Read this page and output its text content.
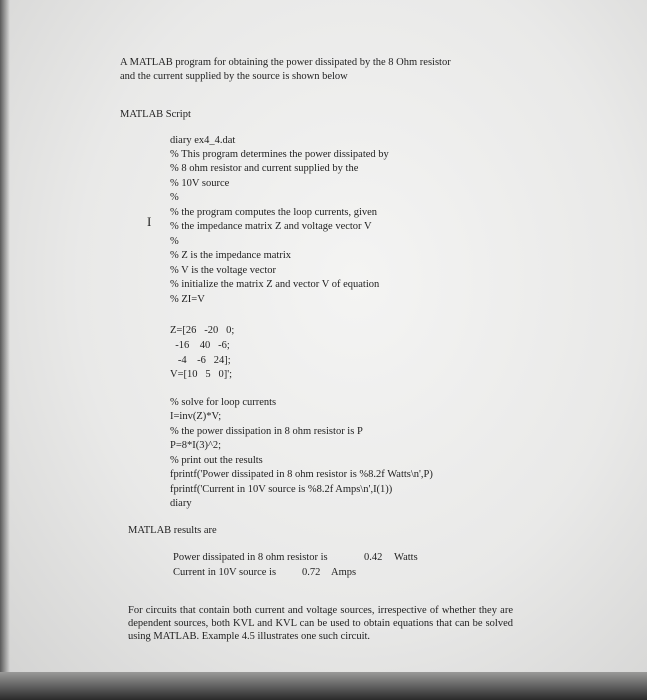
A MATLAB program for obtaining the power dissipated by the 8 Ohm resistor
and the current supplied by the source is shown below
MATLAB Script
diary ex4_4.dat
% This program determines the power dissipated by
% 8 ohm resistor and current supplied by the
% 10V source
%
% the program computes the loop currents, given
% the impedance matrix Z and voltage vector V
%
% Z is the impedance matrix
% V is the voltage vector
% initialize the matrix Z and vector V of equation
% ZI=V
I
Z=[26   -20   0;
-16    40   -6;
-4    -6   24];
V=[10   5   0]';
% solve for loop currents
I=inv(Z)*V;
% the power dissipation in 8 ohm resistor is P
P=8*I(3)^2;
% print out the results
fprintf('Power dissipated in 8 ohm resistor is %8.2f Watts\n',P)
fprintf('Current in 10V source is %8.2f Amps\n',I(1))
diary
MATLAB results are
Power dissipated in 8 ohm resistor is	0.42 Watts
Current in 10V source is 0.72 Amps
For circuits that contain both current and voltage sources, irrespective of whether they are dependent sources, both KVL and KVL can be used to obtain equations that can be solved using MATLAB. Example 4.5 illustrates one such circuit.
